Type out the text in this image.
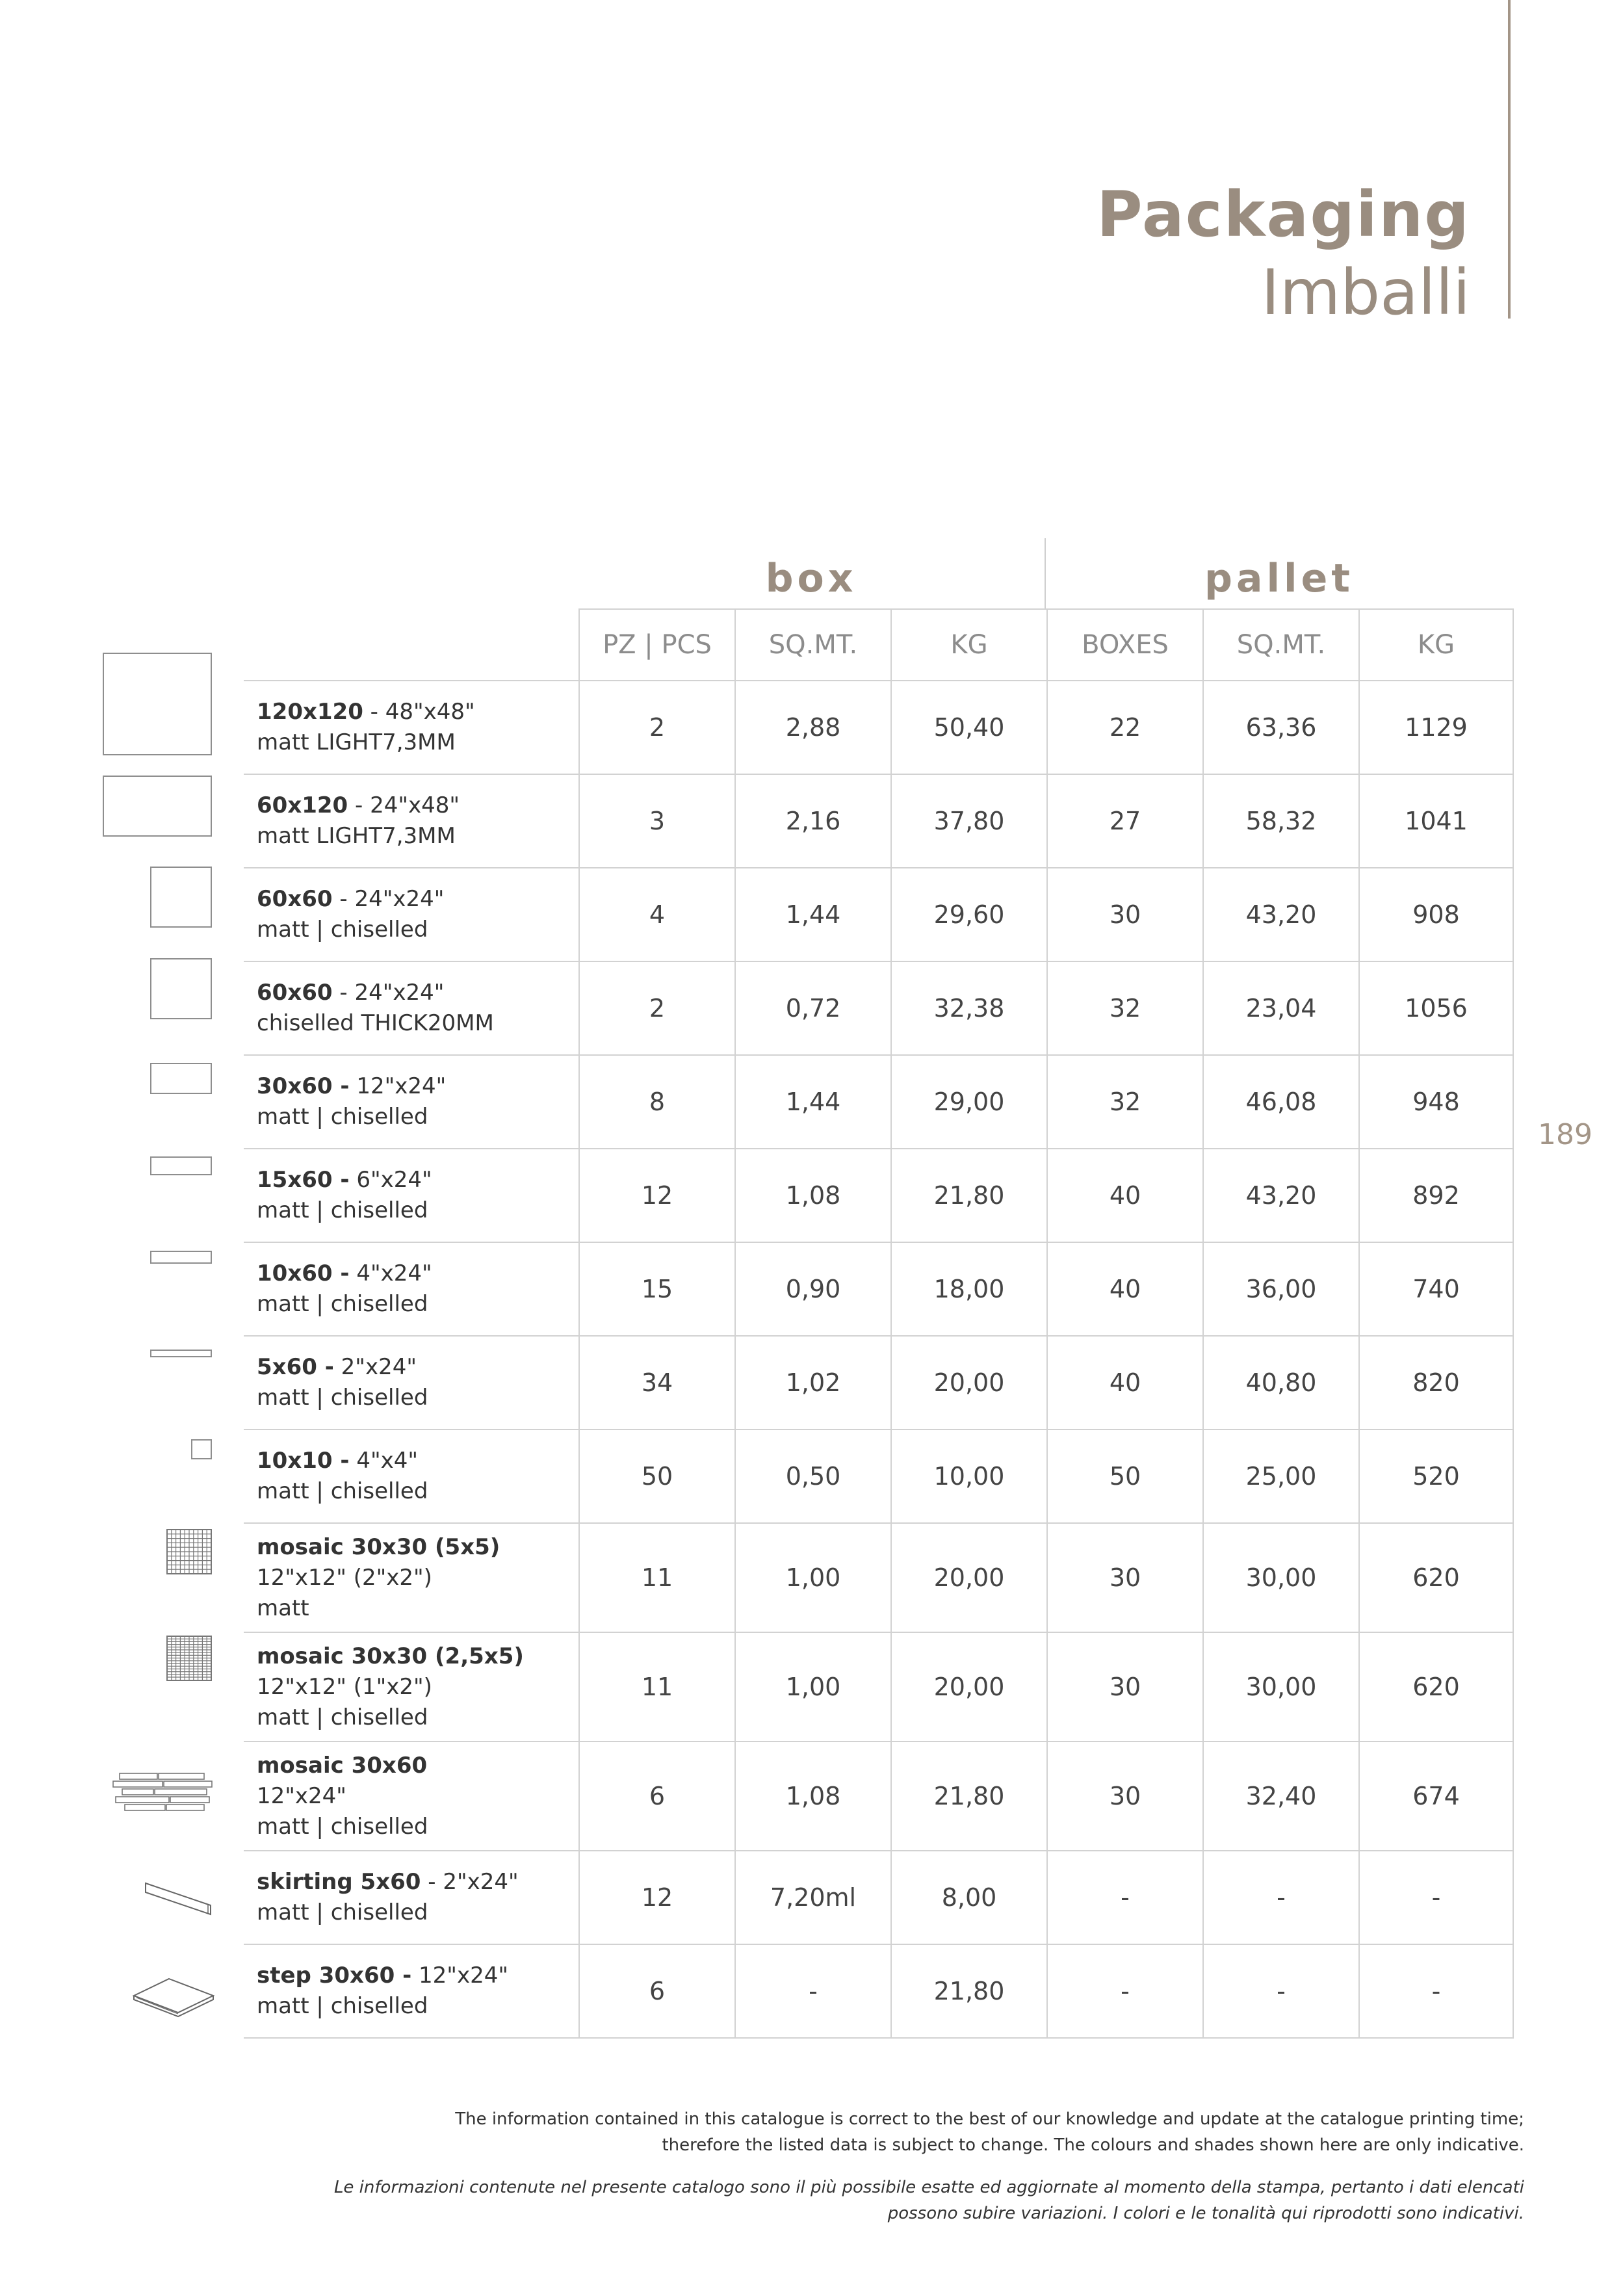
Packaging
Imballi
189
box	pallet
	PZ | PCS	SQ.MT.	KG	BOXES	SQ.MT.	KG
120x120 - 48"x48"
matt LIGHT7,3MM	2	2,88	50,40	22	63,36	1129
60x120 - 24"x48"
matt LIGHT7,3MM	3	2,16	37,80	27	58,32	1041
60x60 - 24"x24"
matt | chiselled	4	1,44	29,60	30	43,20	908
60x60 - 24"x24"
chiselled THICK20MM	2	0,72	32,38	32	23,04	1056
30x60 - 12"x24"
matt | chiselled	8	1,44	29,00	32	46,08	948
15x60 - 6"x24"
matt | chiselled	12	1,08	21,80	40	43,20	892
10x60 - 4"x24"
matt | chiselled	15	0,90	18,00	40	36,00	740
5x60 - 2"x24"
matt | chiselled	34	1,02	20,00	40	40,80	820
10x10 - 4"x4"
matt | chiselled	50	0,50	10,00	50	25,00	520
mosaic 30x30 (5x5)
12"x12" (2"x2")
matt	11	1,00	20,00	30	30,00	620
mosaic 30x30 (2,5x5)
12"x12" (1"x2")
matt | chiselled	11	1,00	20,00	30	30,00	620
mosaic 30x60
12"x24"
matt | chiselled	6	1,08	21,80	30	32,40	674
skirting 5x60 - 2"x24"
matt | chiselled	12	7,20ml	8,00	-	-	-
step 30x60 - 12"x24"
matt | chiselled	6	-	21,80	-	-	-
The information contained in this catalogue is correct to the best of our knowledge and update at the catalogue printing time;
therefore the listed data is subject to change. The colours and shades shown here are only indicative.
Le informazioni contenute nel presente catalogo sono il più possibile esatte ed aggiornate al momento della stampa, pertanto i dati elencati
possono subire variazioni. I colori e le tonalità qui riprodotti sono indicativi.
